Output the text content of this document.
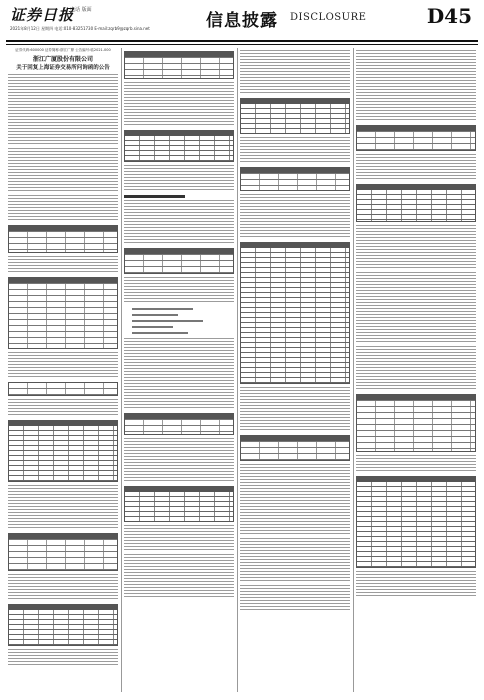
证券日报
电话 版面
2021年8月12日 星期四 电话:010-83251730 E-mail:zqrb9@zqrb.sina.net	信息披露 DISCLOSURE	D45
证券代码:600000 证券简称:浙江广厦 公告编号:临2021-000
浙江广厦股份有限公司
关于回复上海证券交易所问询函的公告
